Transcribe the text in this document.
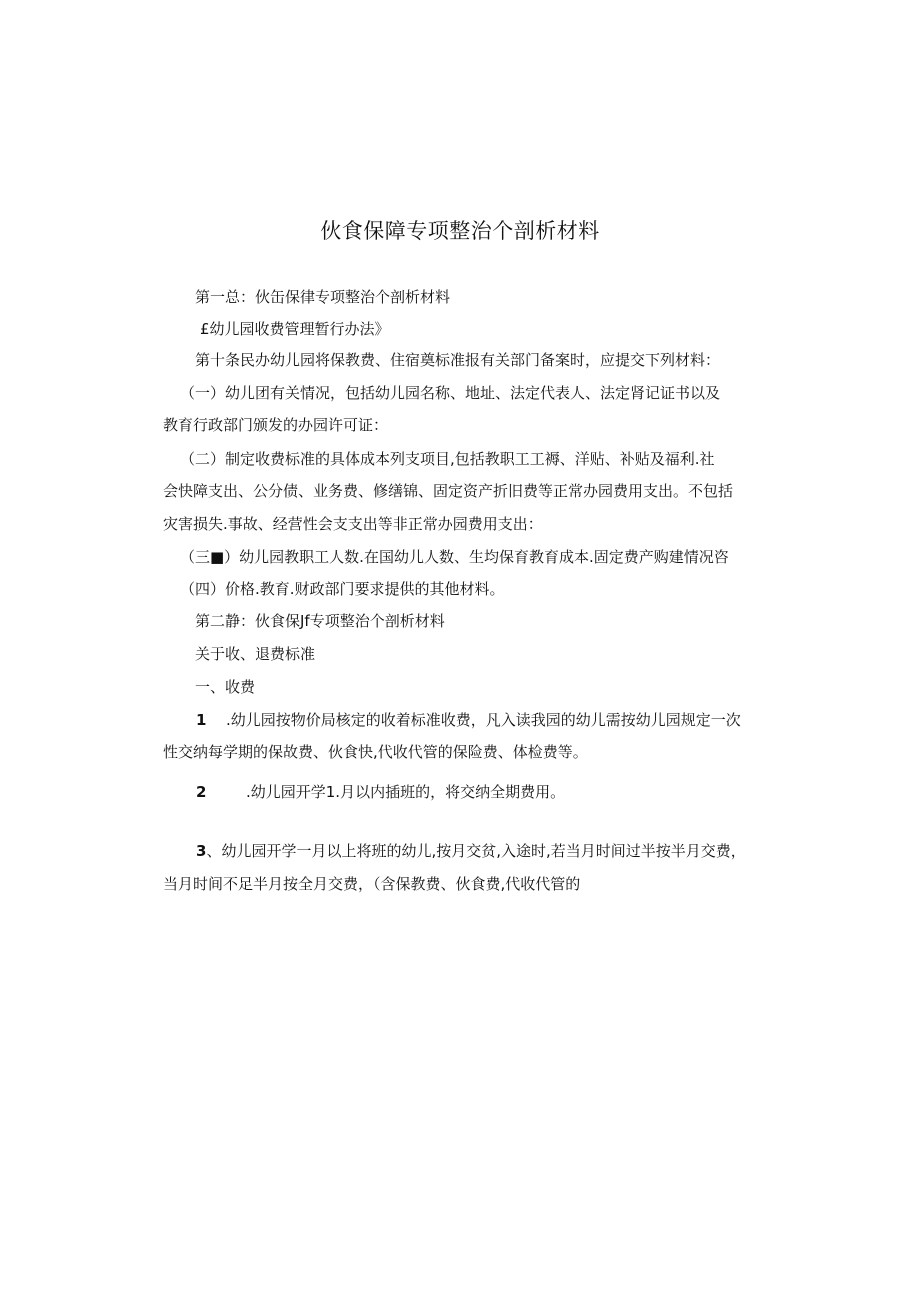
伙食保障专项整治个剖析材料
第一总：伙缶保律专项整治个剖析材料
£幼儿园收费管理暂行办法》
第十条民办幼儿园将保教费、住宿奠标准报有关部门备案时，应提交下列材料：
（一）幼儿团有关情况，包括幼儿园名称、地址、法定代表人、法定肾记证书以及
教育行政部门颁发的办园许可证：
（二）制定收费标准的具体成本列支项目,包括教职工工褥、洋贴、补贴及福利.社
会快障支出、公分债、业务费、修缮锦、固定资产折旧费等正常办园费用支出。不包括
灾害损失.事故、经营性会支支出等非正常办园费用支出：
（三■）幼儿园教职工人数.在国幼儿人数、生均保育教育成本.固定费产购建情况咨
（四）价格.教育.财政部门要求提供的其他材料。
第二静：伙食保Jf专项整治个剖析材料
关于收、退费标准
一、收费
1 .幼儿园按物价局核定的收着标准收费，凡入读我园的幼儿需按幼儿园规定一次
性交纳每学期的保故费、伙食快,代收代管的保险费、体检费等。
2	.幼儿园开学1.月以内插班的，将交纳全期费用。
3、幼儿园开学一月以上将班的幼儿,按月交贫,入途时,若当月时间过半按半月交费，
当月时间不足半月按全月交费，（含保教费、伙食费,代收代管的
